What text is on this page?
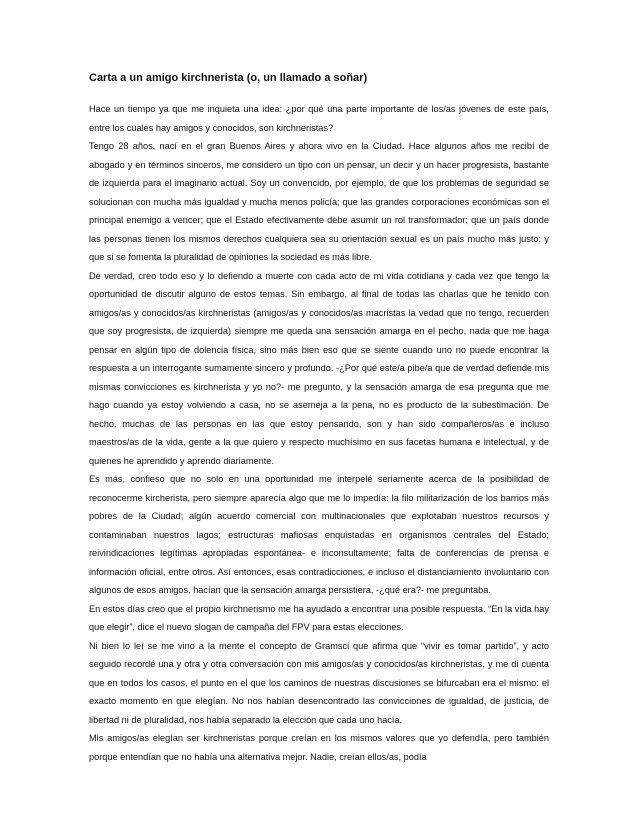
Carta a un amigo kirchnerista (o, un llamado a soñar)

Hace un tiempo ya que me inquieta una idea: ¿por qué una parte importante de los/as jóvenes de este país, entre los cuales hay amigos y conocidos, son kirchneristas?

Tengo 28 años, nací en el gran Buenos Aires y ahora vivo en la Ciudad. Hace algunos años me recibí de abogado y en términos sinceros, me considero un tipo con un pensar, un decir y un hacer progresista, bastante de izquierda para el imaginario actual. Soy un convencido, por ejemplo, de que los problemas de seguridad se solucionan con mucha más igualdad y mucha menos policía; que las grandes corporaciones económicas son el principal enemigo a vencer; que el Estado efectivamente debe asumir un rol transformador; que un país donde las personas tienen los mismos derechos cualquiera sea su orientación sexual es un país mucho más justo; y que si se fomenta la pluralidad de opiniones la sociedad es más libre.

De verdad, creo todo eso y lo defiendo a muerte con cada acto de mi vida cotidiana y cada vez que tengo la oportunidad de discutir alguno de estos temas. Sin embargo, al final de todas las charlas que he tenido con amigos/as y conocidos/as kirchneristas (amigos/as y conocidos/as macristas la vedad que no tengo, recuerden que soy progresista, de izquierda) siempre me queda una sensación amarga en el pecho, nada que me haga pensar en algún tipo de dolencia física, sino más bien eso que se siente cuando uno no puede encontrar la respuesta a un interrogante sumamente sincero y profundo. -¿Por qué este/a pibe/a que de verdad defiende mis mismas convicciones es kirchnerista y yo no?- me pregunto, y la sensación amarga de esa pregunta que me hago cuando ya estoy volviendo a casa, no se asemeja a la pena, no es producto de la subestimación. De hecho, muchas de las personas en las que estoy pensando, son y han sido compañeros/as e incluso maestros/as de la vida, gente a la que quiero y respecto muchísimo en sus facetas humana e intelectual, y de quienes he aprendido y aprendo diariamente.

Es más, confieso que no solo en una oportunidad me interpelé seriamente acerca de la posibilidad de reconocerme kircherista, pero siempre aparecía algo que me lo impedía: la filo militarización de los barrios más pobres de la Ciudad; algún acuerdo comercial con multinacionales que explotaban nuestros recursos y contaminaban nuestros lagos; estructuras mafiosas enquistadas en organismos centrales del Estado; reivindicaciones legítimas apropiadas espontánea- e inconsultamente; falta de conferencias de prensa e información oficial, entre otros. Así entonces, esas contradicciones, e incluso el distanciamiento involuntario con algunos de esos amigos, hacían que la sensación amarga persistiera, -¿qué era?- me preguntaba.

En estos días creo que el propio kirchnerismo me ha ayudado a encontrar una posible respuesta. “En la vida hay que elegir”, dice el nuevo slogan de campaña del FPV para estas elecciones.

Ni bien lo leí se me vino a la mente el concepto de Gramsci que afirma que “vivir es tomar partido”, y acto seguido recordé una y otra y otra conversación con mis amigos/as y conocidos/as kirchneristas, y me di cuenta que en todos los casos, el punto en el que los caminos de nuestras discusiones se bifurcaban era el mismo: el exacto momento en que elegían. No nos habían desencontrado las convicciones de igualdad, de justicia, de libertad ni de pluralidad, nos había separado la elección que cada uno hacía.

Mis amigos/as elegían ser kirchneristas porque creían en los mismos valores que yo defendía, pero también porque entendían que no había una alternativa mejor. Nadie, creían ellos/as, podía
